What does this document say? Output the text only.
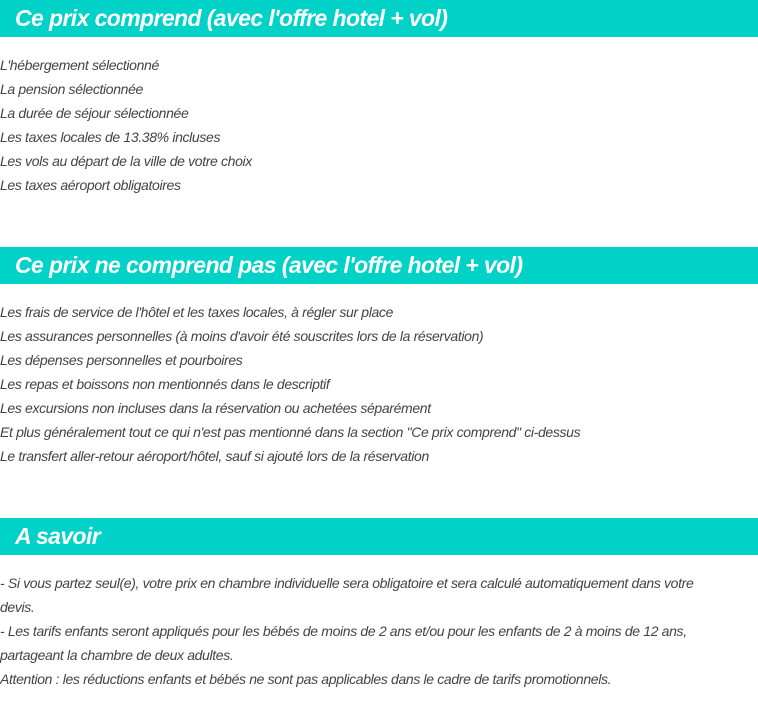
Ce prix comprend (avec l'offre hotel + vol)
L'hébergement sélectionné
La pension sélectionnée
La durée de séjour sélectionnée
Les taxes locales de 13.38% incluses
Les vols au départ de la ville de votre choix
Les taxes aéroport obligatoires
Ce prix ne comprend pas (avec l'offre hotel + vol)
Les frais de service de l'hôtel et les taxes locales, à régler sur place
Les assurances personnelles (à moins d'avoir été souscrites lors de la réservation)
Les dépenses personnelles et pourboires
Les repas et boissons non mentionnés dans le descriptif
Les excursions non incluses dans la réservation ou achetées séparément
Et plus généralement tout ce qui n'est pas mentionné dans la section "Ce prix comprend" ci-dessus
Le transfert aller-retour aéroport/hôtel, sauf si ajouté lors de la réservation
A savoir
- Si vous partez seul(e), votre prix en chambre individuelle sera obligatoire et sera calculé automatiquement dans votre
devis.
- Les tarifs enfants seront appliqués pour les bébés de moins de 2 ans et/ou pour les enfants de 2 à moins de 12 ans,
partageant la chambre de deux adultes.
Attention : les réductions enfants et bébés ne sont pas applicables dans le cadre de tarifs promotionnels.
